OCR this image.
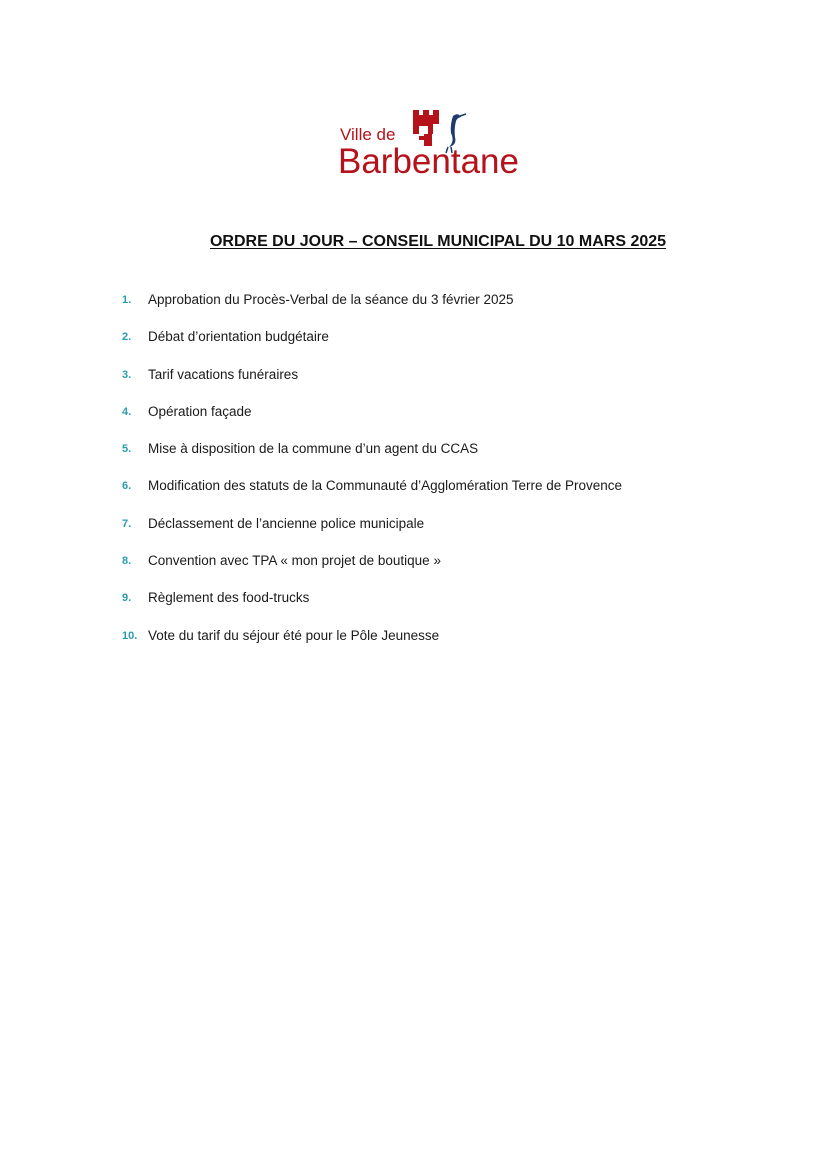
Ville de
Barbentane
ORDRE DU JOUR – CONSEIL MUNICIPAL DU 10 MARS 2025
1.	Approbation du Procès-Verbal de la séance du 3 février 2025
2.	Débat d’orientation budgétaire
3.	Tarif vacations funéraires
4.	Opération façade
5.	Mise à disposition de la commune d’un agent du CCAS
6.	Modification des statuts de la Communauté d’Agglomération Terre de Provence
7.	Déclassement de l’ancienne police municipale
8.	Convention avec TPA « mon projet de boutique »
9.	Règlement des food-trucks
10. Vote du tarif du séjour été pour le Pôle Jeunesse
